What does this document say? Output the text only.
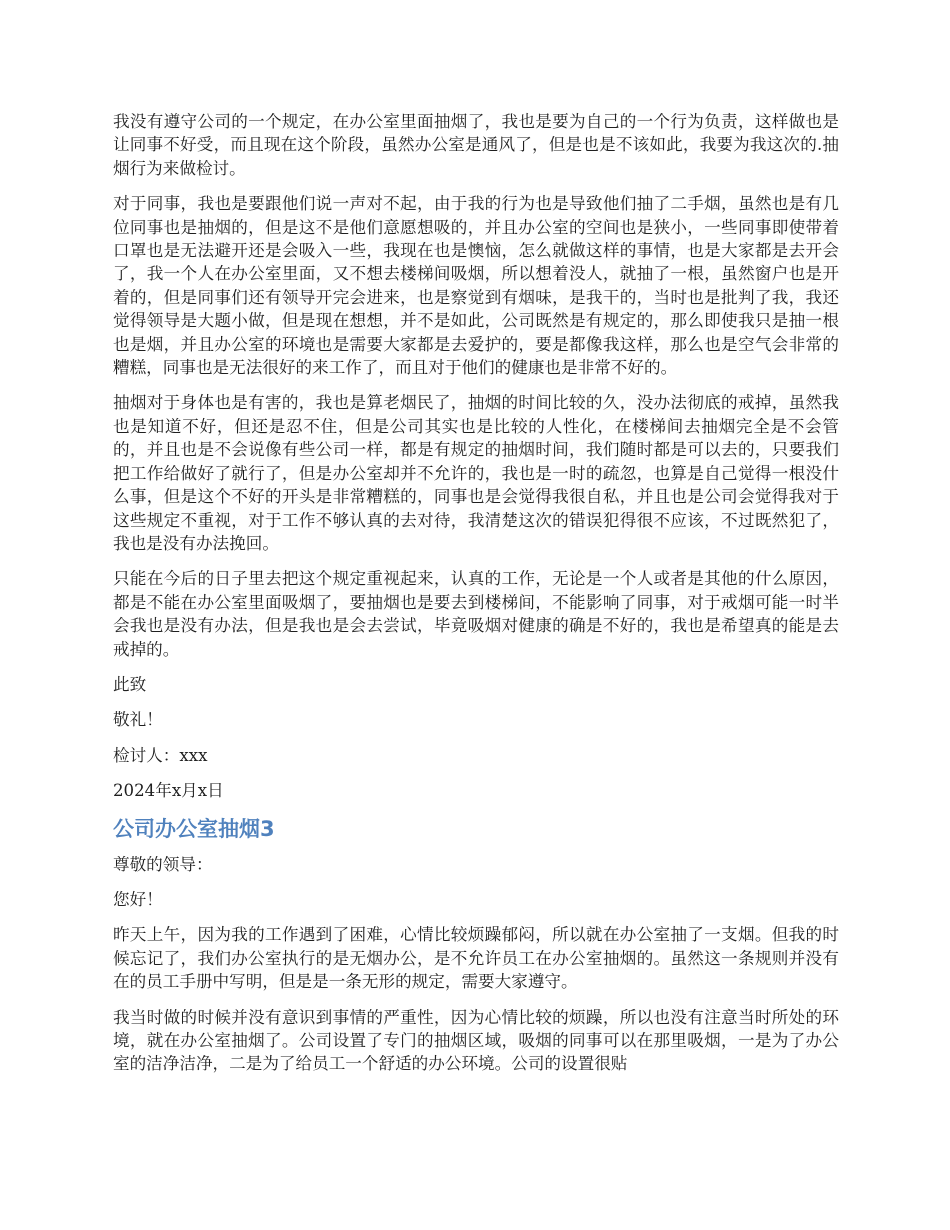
我没有遵守公司的一个规定，在办公室里面抽烟了，我也是要为自己的一个行为负责，这样做也是让同事不好受，而且现在这个阶段，虽然办公室是通风了，但是也是不该如此，我要为我这次的.抽烟行为来做检讨。

对于同事，我也是要跟他们说一声对不起，由于我的行为也是导致他们抽了二手烟，虽然也是有几位同事也是抽烟的，但是这不是他们意愿想吸的，并且办公室的空间也是狭小，一些同事即使带着口罩也是无法避开还是会吸入一些，我现在也是懊恼，怎么就做这样的事情，也是大家都是去开会了，我一个人在办公室里面，又不想去楼梯间吸烟，所以想着没人，就抽了一根，虽然窗户也是开着的，但是同事们还有领导开完会进来，也是察觉到有烟味，是我干的，当时也是批判了我，我还觉得领导是大题小做，但是现在想想，并不是如此，公司既然是有规定的，那么即使我只是抽一根也是烟，并且办公室的环境也是需要大家都是去爱护的，要是都像我这样，那么也是空气会非常的糟糕，同事也是无法很好的来工作了，而且对于他们的健康也是非常不好的。

抽烟对于身体也是有害的，我也是算老烟民了，抽烟的时间比较的久，没办法彻底的戒掉，虽然我也是知道不好，但还是忍不住，但是公司其实也是比较的人性化，在楼梯间去抽烟完全是不会管的，并且也是不会说像有些公司一样，都是有规定的抽烟时间，我们随时都是可以去的，只要我们把工作给做好了就行了，但是办公室却并不允许的，我也是一时的疏忽，也算是自己觉得一根没什么事，但是这个不好的开头是非常糟糕的，同事也是会觉得我很自私，并且也是公司会觉得我对于这些规定不重视，对于工作不够认真的去对待，我清楚这次的错误犯得很不应该，不过既然犯了，我也是没有办法挽回。

只能在今后的日子里去把这个规定重视起来，认真的工作，无论是一个人或者是其他的什么原因，都是不能在办公室里面吸烟了，要抽烟也是要去到楼梯间，不能影响了同事，对于戒烟可能一时半会我也是没有办法，但是我也是会去尝试，毕竟吸烟对健康的确是不好的，我也是希望真的能是去戒掉的。

此致

敬礼！

检讨人：xxx

2024年x月x日

公司办公室抽烟3

尊敬的领导：

您好！

昨天上午，因为我的工作遇到了困难，心情比较烦躁郁闷，所以就在办公室抽了一支烟。但我的时候忘记了，我们办公室执行的是无烟办公，是不允许员工在办公室抽烟的。虽然这一条规则并没有在的员工手册中写明，但是是一条无形的规定，需要大家遵守。

我当时做的时候并没有意识到事情的严重性，因为心情比较的烦躁，所以也没有注意当时所处的环境，就在办公室抽烟了。公司设置了专门的抽烟区域，吸烟的同事可以在那里吸烟，一是为了办公室的洁净洁净，二是为了给员工一个舒适的办公环境。公司的设置很贴
